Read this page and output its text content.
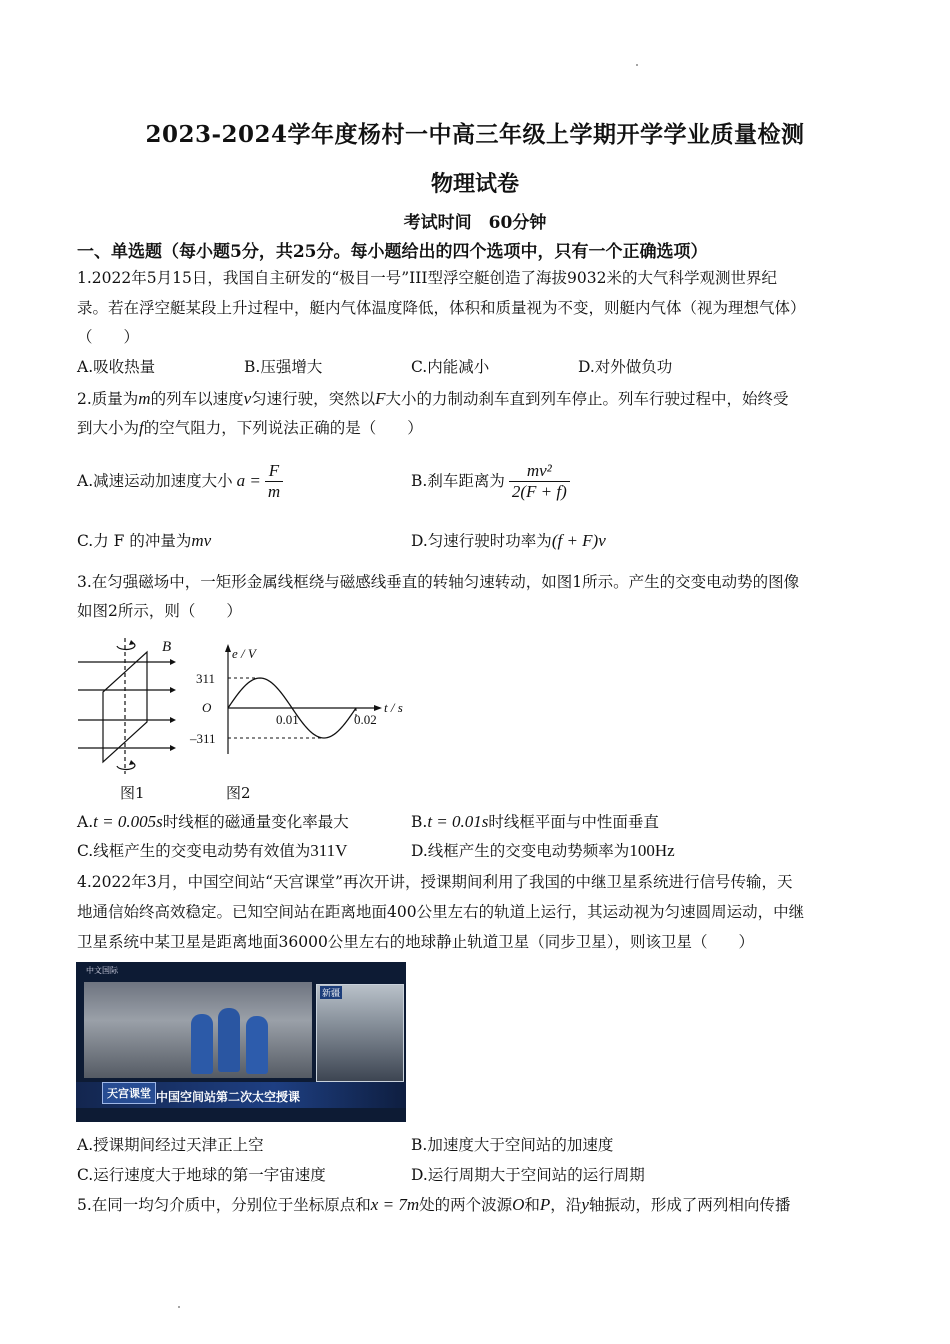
2023-2024学年度杨村一中高三年级上学期开学学业质量检测
物理试卷
考试时间　60分钟
一、单选题（每小题5分，共25分。每小题给出的四个选项中，只有一个正确选项）
1.2022年5月15日，我国自主研发的“极目一号”III型浮空艇创造了海拔9032米的大气科学观测世界纪
录。若在浮空艇某段上升过程中，艇内气体温度降低，体积和质量视为不变，则艇内气体（视为理想气体）
（　　）
A.吸收热量	B.压强增大	C.内能减小	D.对外做负功
2.质量为m的列车以速度v匀速行驶，突然以F大小的力制动刹车直到列车停止。列车行驶过程中，始终受
到大小为f的空气阻力，下列说法正确的是（　　）
A.减速运动加速度大小 $a = \frac{F}{m}$	B.刹车距离为 $\frac{\text{mv²}}{2(F + f)}$
C.力 F 的冲量为mv	D.匀速行驶时功率为(f + F)v
3.在匀强磁场中，一矩形金属线框绕与磁感线垂直的转轴匀速转动，如图1所示。产生的交变电动势的图像
如图2所示，则（　　）
B	e / V
t / s
O
311
–311
0.01	0.02
图1	图2
A.t = 0.005s时线框的磁通量变化率最大	B.t = 0.01s时线框平面与中性面垂直
C.线框产生的交变电动势有效值为311V	D.线框产生的交变电动势频率为100Hz
4.2022年3月，中国空间站“天宫课堂”再次开讲，授课期间利用了我国的中继卫星系统进行信号传输，天
地通信始终高效稳定。已知空间站在距离地面400公里左右的轨道上运行，其运动视为匀速圆周运动，中继
卫星系统中某卫星是距离地面36000公里左右的地球静止轨道卫星（同步卫星），则该卫星（　　）
新疆
中文国际
天宫课堂 中国空间站第二次太空授课
A.授课期间经过天津正上空	B.加速度大于空间站的加速度
C.运行速度大于地球的第一宇宙速度	D.运行周期大于空间站的运行周期
5.在同一均匀介质中，分别位于坐标原点和x = 7m处的两个波源O和P，沿y轴振动，形成了两列相向传播
